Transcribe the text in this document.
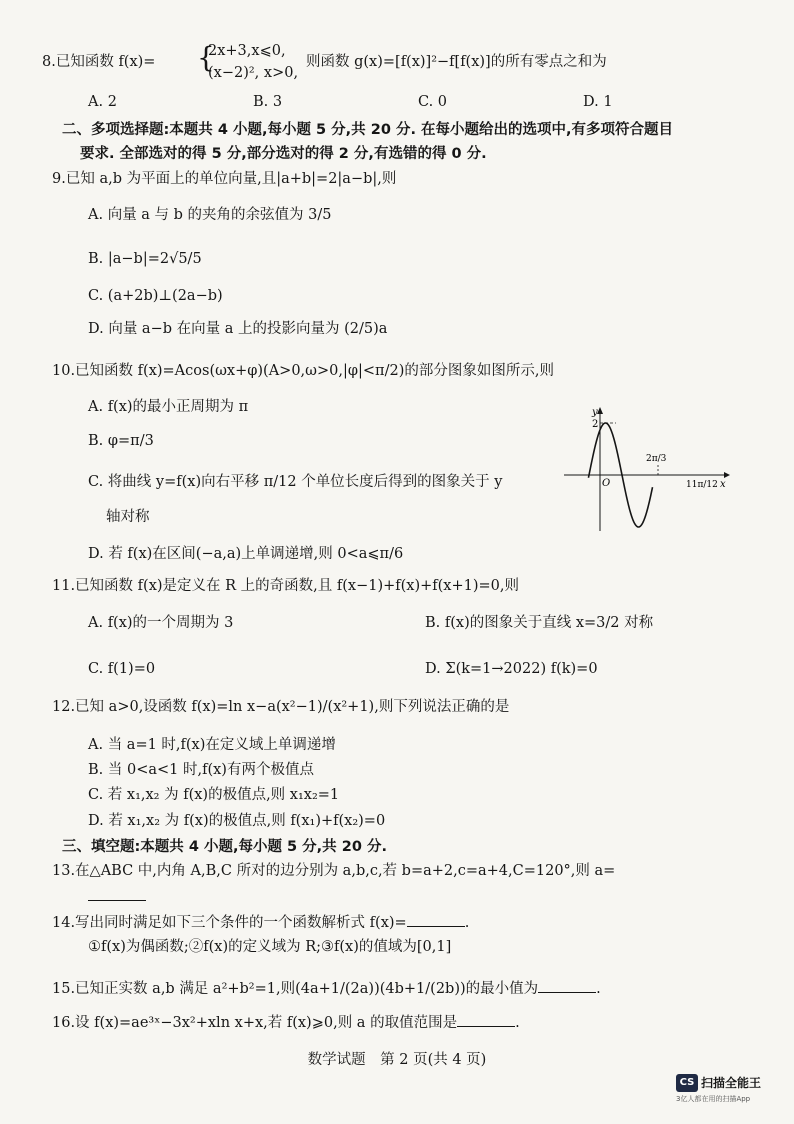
8.已知函数 f(x)= {
2x+3,x⩽0,
(x−2)², x>0,
则函数 g(x)=[f(x)]²−f[f(x)]的所有零点之和为
A. 2	B. 3	C. 0	D. 1
二、多项选择题:本题共 4 小题,每小题 5 分,共 20 分. 在每小题给出的选项中,有多项符合题目
要求. 全部选对的得 5 分,部分选对的得 2 分,有选错的得 0 分.
9.已知 a,b 为平面上的单位向量,且|a+b|=2|a−b|,则
A. 向量 a 与 b 的夹角的余弦值为 3/5
B. |a−b|=2√5/5
C. (a+2b)⊥(2a−b)
D. 向量 a−b 在向量 a 上的投影向量为 (2/5)a
10.已知函数 f(x)=Acos(ωx+φ)(A>0,ω>0,|φ|<π/2)的部分图象如图所示,则
A. f(x)的最小正周期为 π
B. φ=π/3
C. 将曲线 y=f(x)向右平移 π/12 个单位长度后得到的图象关于 y
轴对称
D. 若 f(x)在区间(−a,a)上单调递增,则 0<a⩽π/6
y
x
O
2
2π/3
11π/12
11.已知函数 f(x)是定义在 R 上的奇函数,且 f(x−1)+f(x)+f(x+1)=0,则
A. f(x)的一个周期为 3	B. f(x)的图象关于直线 x=3/2 对称
C. f(1)=0	D. Σ(k=1→2022) f(k)=0
12.已知 a>0,设函数 f(x)=ln x−a(x²−1)/(x²+1),则下列说法正确的是
A. 当 a=1 时,f(x)在定义域上单调递增
B. 当 0<a<1 时,f(x)有两个极值点
C. 若 x₁,x₂ 为 f(x)的极值点,则 x₁x₂=1
D. 若 x₁,x₂ 为 f(x)的极值点,则 f(x₁)+f(x₂)=0
三、填空题:本题共 4 小题,每小题 5 分,共 20 分.
13.在△ABC 中,内角 A,B,C 所对的边分别为 a,b,c,若 b=a+2,c=a+4,C=120°,则 a=
14.写出同时满足如下三个条件的一个函数解析式 f(x)=	.
①f(x)为偶函数;②f(x)的定义域为 R;③f(x)的值域为[0,1]
15.已知正实数 a,b 满足 a²+b²=1,则(4a+1/(2a))(4b+1/(2b))的最小值为	.
16.设 f(x)=ae³ˣ−3x²+xln x+x,若 f(x)⩾0,则 a 的取值范围是	.
数学试题　第 2 页(共 4 页)
CS 扫描全能王
3亿人都在用的扫描App
